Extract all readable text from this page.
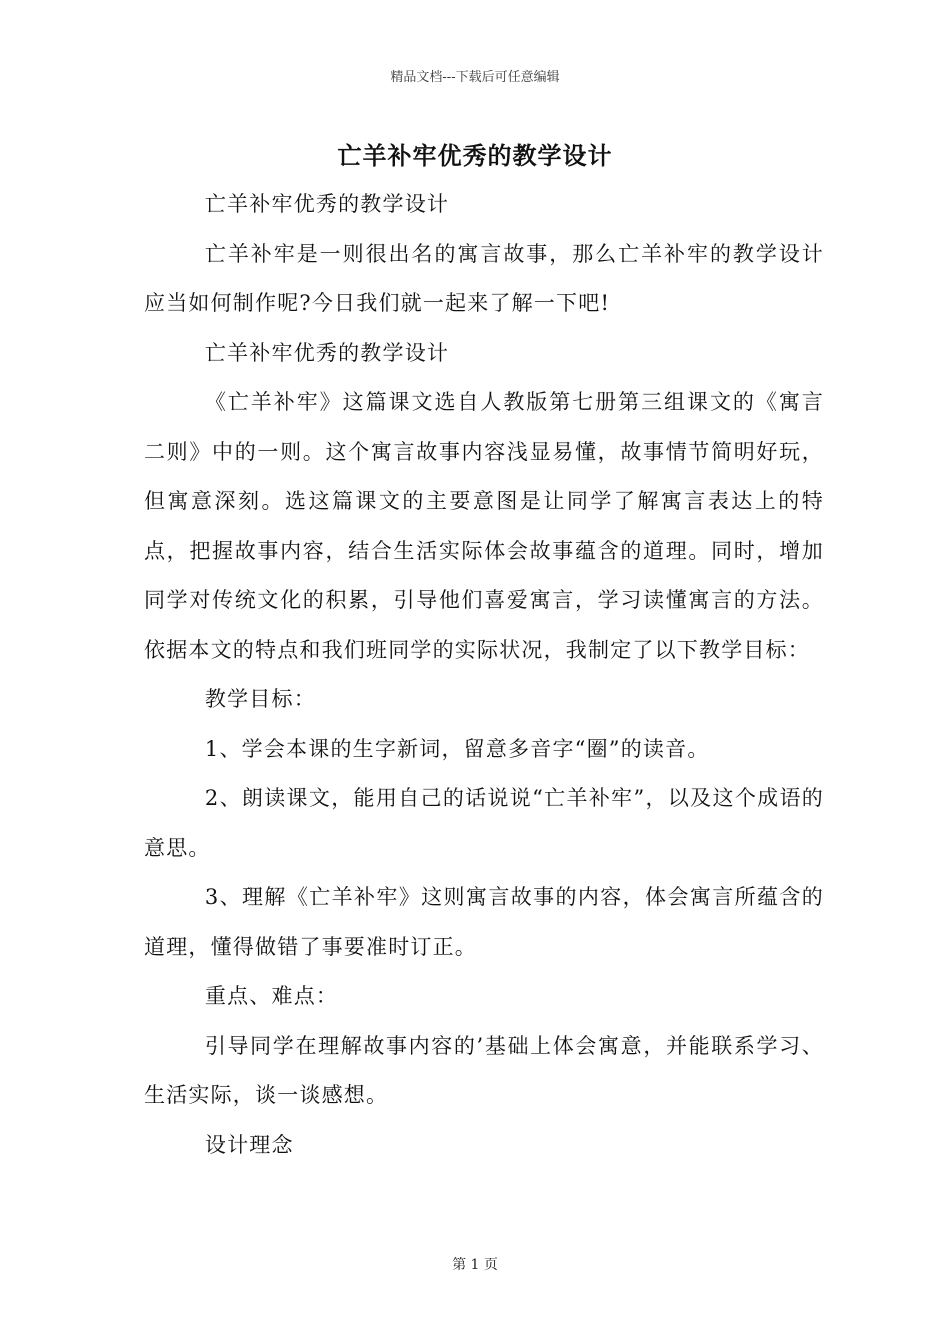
精品文档---下载后可任意编辑
亡羊补牢优秀的教学设计

亡羊补牢优秀的教学设计

亡羊补牢是一则很出名的寓言故事，那么亡羊补牢的教学设计应当如何制作呢?今日我们就一起来了解一下吧!

亡羊补牢优秀的教学设计

《亡羊补牢》这篇课文选自人教版第七册第三组课文的《寓言二则》中的一则。这个寓言故事内容浅显易懂，故事情节简明好玩，但寓意深刻。选这篇课文的主要意图是让同学了解寓言表达上的特点，把握故事内容，结合生活实际体会故事蕴含的道理。同时，增加同学对传统文化的积累，引导他们喜爱寓言，学习读懂寓言的方法。依据本文的特点和我们班同学的实际状况，我制定了以下教学目标：

教学目标：

1、学会本课的生字新词，留意多音字“圈”的读音。

2、朗读课文，能用自己的话说说“亡羊补牢”，以及这个成语的意思。

3、理解《亡羊补牢》这则寓言故事的内容，体会寓言所蕴含的道理，懂得做错了事要准时订正。

重点、难点：

引导同学在理解故事内容的’基础上体会寓意，并能联系学习、生活实际，谈一谈感想。

设计理念

第 1 页
